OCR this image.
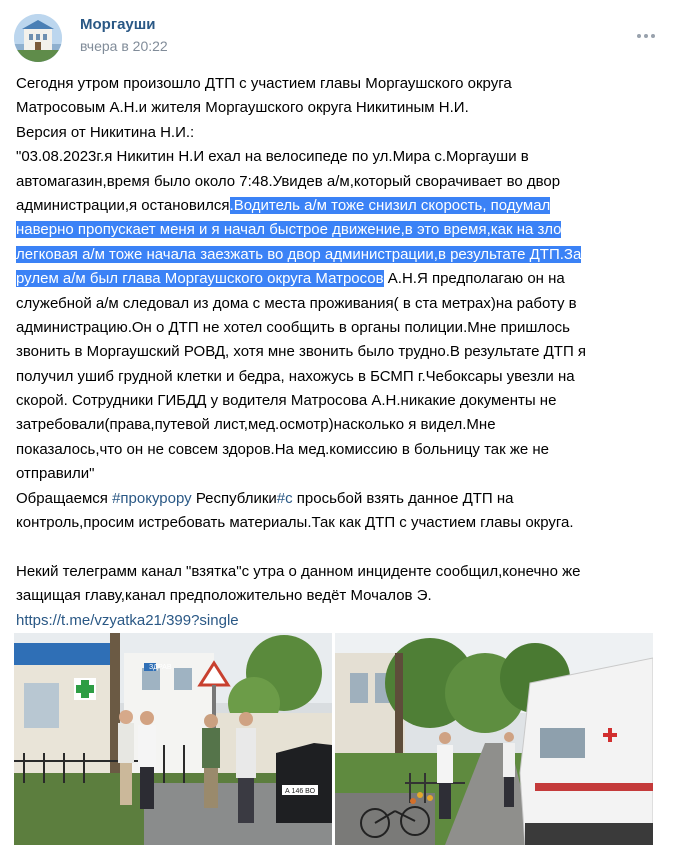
Моргауши
вчера в 20:22
Сегодня утром произошло ДТП с участием главы Моргаушского округа
Матросовым А.Н.и жителя Моргаушского округа Никитиным Н.И.
Версия от Никитина Н.И.:
"03.08.2023г.я Никитин Н.И ехал на велосипеде по ул.Мира с.Моргауши в
автомагазин,время было около 7:48.Увидев а/м,который сворачивает во двор
администрации,я остановился.Водитель а/м тоже снизил скорость, подумал
наверно пропускает меня и я начал быстрое движение,в это время,как на зло
легковая а/м тоже начала заезжать во двор администрации,в результате ДТП.За
рулем а/м был глава Моргаушского округа Матросов А.Н.Я предполагаю он на
служебной а/м следовал из дома с места проживания( в ста метрах)на работу в
администрацию.Он о ДТП не хотел сообщить в органы полиции.Мне пришлось
звонить в Моргаушский РОВД, хотя мне звонить было трудно.В результате ДТП я
получил ушиб грудной клетки и бедра, нахожусь в БСМП г.Чебоксары увезли на
скорой. Сотрудники ГИБДД у водителя Матросова А.Н.никакие документы не
затребовали(права,путевой лист,мед.осмотр)насколько я видел.Мне
показалось,что он не совсем здоров.На мед.комиссию в больницу так же не
отправили"
Обращаемся #прокурору Республики#с просьбой взять данное ДТП на
контроль,просим истребовать материалы.Так как ДТП с участием главы округа.
Некий телеграмм канал "взятка"с утра о данном инциденте сообщил,конечно же
защищая главу,канал предположительно ведёт Мочалов Э.
https://t.me/vzyatka21/399?single
А 146 ВО
ЗДРАВ
